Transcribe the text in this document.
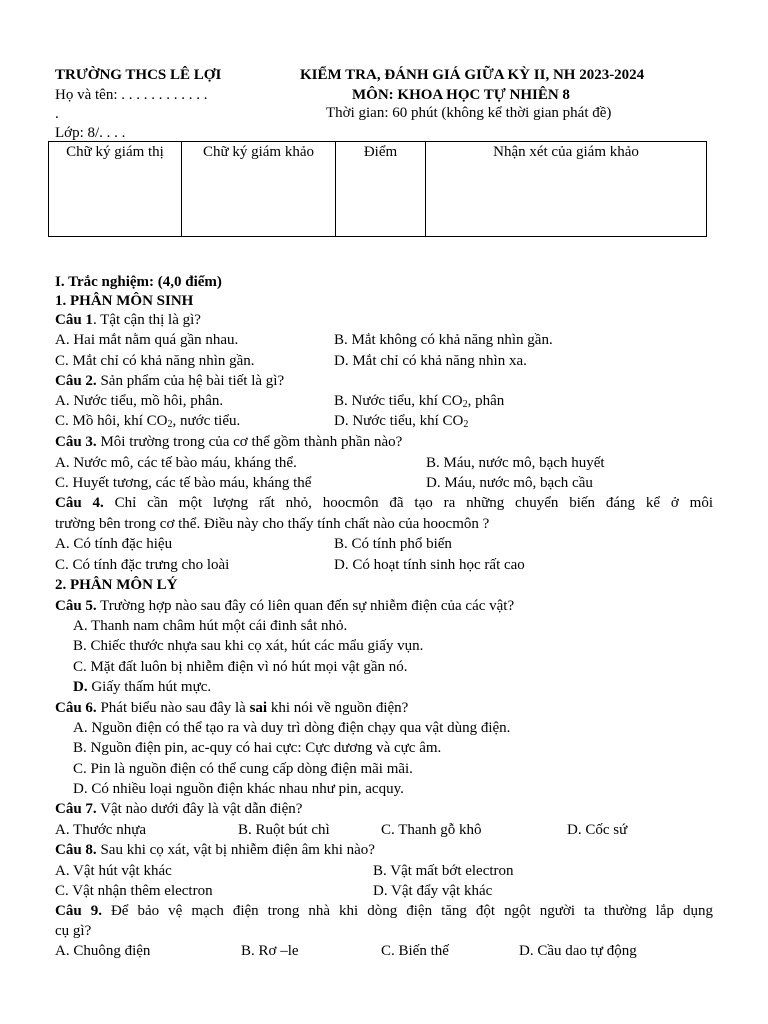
TRƯỜNG THCS LÊ LỢI	KIỂM TRA, ĐÁNH GIÁ GIỮA KỲ II, NH 2023-2024
Họ và tên: . . . . . . . . . . . .	MÔN: KHOA HỌC TỰ NHIÊN 8
.	Thời gian: 60 phút (không kể thời gian phát đề)
Lớp: 8/. . . .
Chữ ký giám thị	Chữ ký giám khảo	Điểm	Nhận xét của giám khảo
I. Trắc nghiệm: (4,0 điểm)
1. PHÂN MÔN SINH
Câu 1. Tật cận thị là gì?
A. Hai mắt nằm quá gần nhau.	B. Mắt không có khả năng nhìn gần.
C. Mắt chỉ có khả năng nhìn gần.	D. Mắt chỉ có khả năng nhìn xa.
Câu 2. Sản phẩm của hệ bài tiết là gì?
A. Nước tiểu, mồ hôi, phân.	B. Nước tiểu, khí $CO_2$, phân
C. Mồ hôi, khí $CO_2$, nước tiểu.	D. Nước tiểu, khí $CO_2$
Câu 3. Môi trường trong của cơ thể gồm thành phần nào?
A. Nước mô, các tế bào máu, kháng thể.	B. Máu, nước mô, bạch huyết
C. Huyết tương, các tế bào máu, kháng thể	D. Máu, nước mô, bạch cầu
Câu 4. Chỉ cần một lượng rất nhỏ, hoocmôn đã tạo ra những chuyển biến đáng kể ở môi
trường bên trong cơ thể. Điều này cho thấy tính chất nào của hoocmôn ?
A. Có tính đặc hiệu	B. Có tính phổ biến
C. Có tính đặc trưng cho loài	D. Có hoạt tính sinh học rất cao
2. PHÂN MÔN LÝ
Câu 5. Trường hợp nào sau đây có liên quan đến sự nhiễm điện của các vật?
A. Thanh nam châm hút một cái đinh sắt nhỏ.
B. Chiếc thước nhựa sau khi cọ xát, hút các mẩu giấy vụn.
C. Mặt đất luôn bị nhiễm điện vì nó hút mọi vật gần nó.
D. Giấy thấm hút mực.
Câu 6. Phát biểu nào sau đây là sai khi nói về nguồn điện?
A. Nguồn điện có thể tạo ra và duy trì dòng điện chạy qua vật dùng điện.
B. Nguồn điện pin, ac-quy có hai cực: Cực dương và cực âm.
C. Pin là nguồn điện có thể cung cấp dòng điện mãi mãi.
D. Có nhiều loại nguồn điện khác nhau như pin, acquy.
Câu 7. Vật nào dưới đây là vật dẫn điện?
A. Thước nhựa	B. Ruột bút chì	C. Thanh gỗ khô	D. Cốc sứ
Câu 8. Sau khi cọ xát, vật bị nhiễm điện âm khi nào?
A. Vật hút vật khác	B. Vật mất bớt electron
C. Vật nhận thêm electron	D. Vật đẩy vật khác
Câu 9. Để bảo vệ mạch điện trong nhà khi dòng điện tăng đột ngột người ta thường lắp dụng
cụ gì?
A. Chuông điện	B. Rơ –le	C. Biến thế	D. Cầu dao tự động
